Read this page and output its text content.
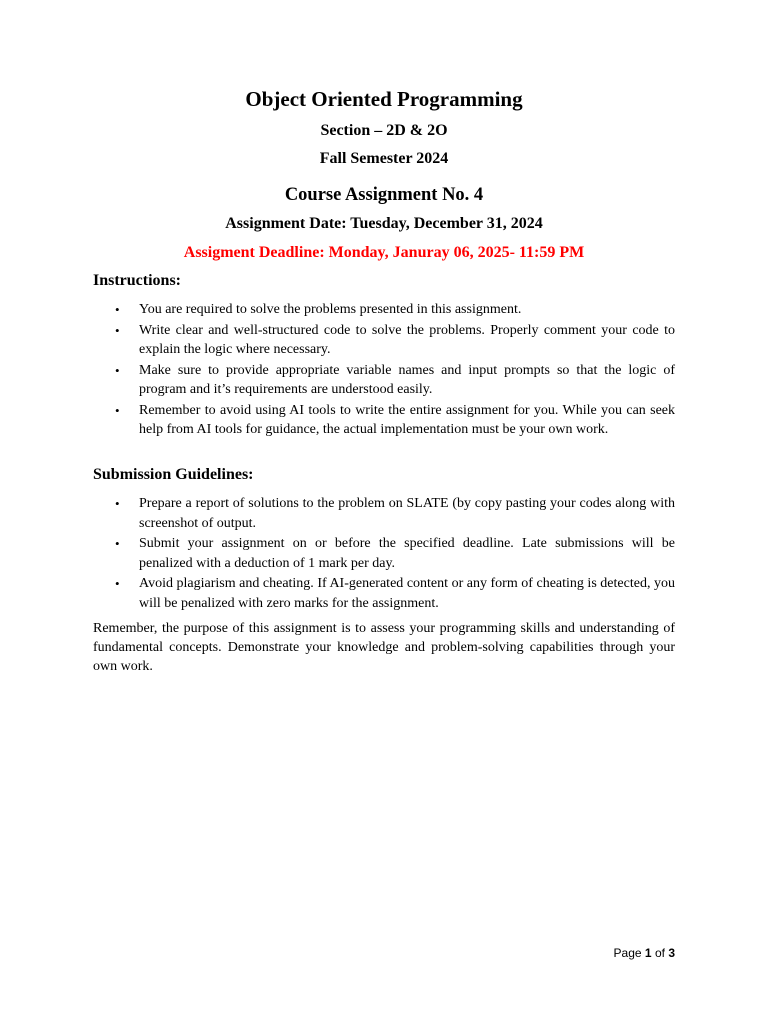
Object Oriented Programming

Section – 2D & 2O

Fall Semester 2024

Course Assignment No. 4

Assignment Date: Tuesday, December 31, 2024

Assigment Deadline: Monday, Januray 06, 2025- 11:59 PM

Instructions:

• You are required to solve the problems presented in this assignment.
• Write clear and well-structured code to solve the problems. Properly comment your code to explain the logic where necessary.
• Make sure to provide appropriate variable names and input prompts so that the logic of program and it’s requirements are understood easily.
• Remember to avoid using AI tools to write the entire assignment for you. While you can seek help from AI tools for guidance, the actual implementation must be your own work.

Submission Guidelines:

• Prepare a report of solutions to the problem on SLATE (by copy pasting your codes along with screenshot of output.
• Submit your assignment on or before the specified deadline. Late submissions will be penalized with a deduction of 1 mark per day.
• Avoid plagiarism and cheating. If AI-generated content or any form of cheating is detected, you will be penalized with zero marks for the assignment.

Remember, the purpose of this assignment is to assess your programming skills and understanding of fundamental concepts. Demonstrate your knowledge and problem-solving capabilities through your own work.

Page 1 of 3
